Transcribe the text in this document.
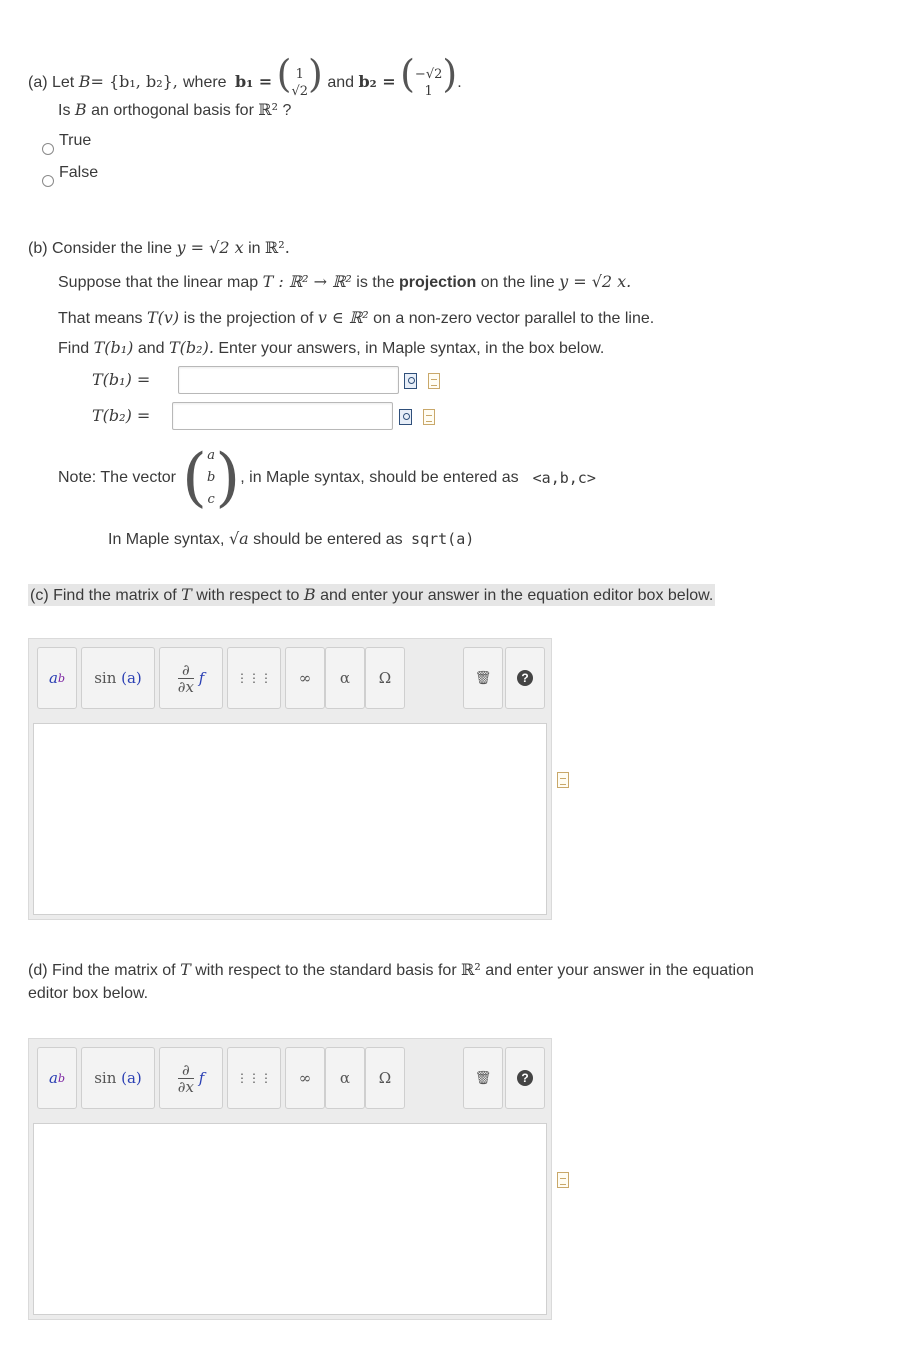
(a) Let B= {b₁, b₂}, where b₁ = ( 1
√2 ) and b₂ = ( −√2
1 ).
Is B an orthogonal basis for ℝ² ?
True
False
(b) Consider the line y = √2 x in ℝ².
Suppose that the linear map T : ℝ² → ℝ² is the projection on the line y = √2 x.
That means T(v) is the projection of v ∈ ℝ² on a non-zero vector parallel to the line.
Find T(b₁) and T(b₂). Enter your answers, in Maple syntax, in the box below.
T(b₁) =
T(b₂) =
Note: The vector ( a
b
c ) , in Maple syntax, should be entered as <a,b,c>
In Maple syntax, √a should be entered as sqrt(a)
(c) Find the matrix of T with respect to B and enter your answer in the equation editor box below.
a b sin
(a)	∂
∂x
f	⋮⋮⋮ ∞ α Ω	🗑	?
(d) Find the matrix of T with respect to the standard basis for ℝ² and enter your answer in the equation
editor box below.
a b sin
(a)	∂
∂x
f	⋮⋮⋮ ∞ α Ω	🗑	?
